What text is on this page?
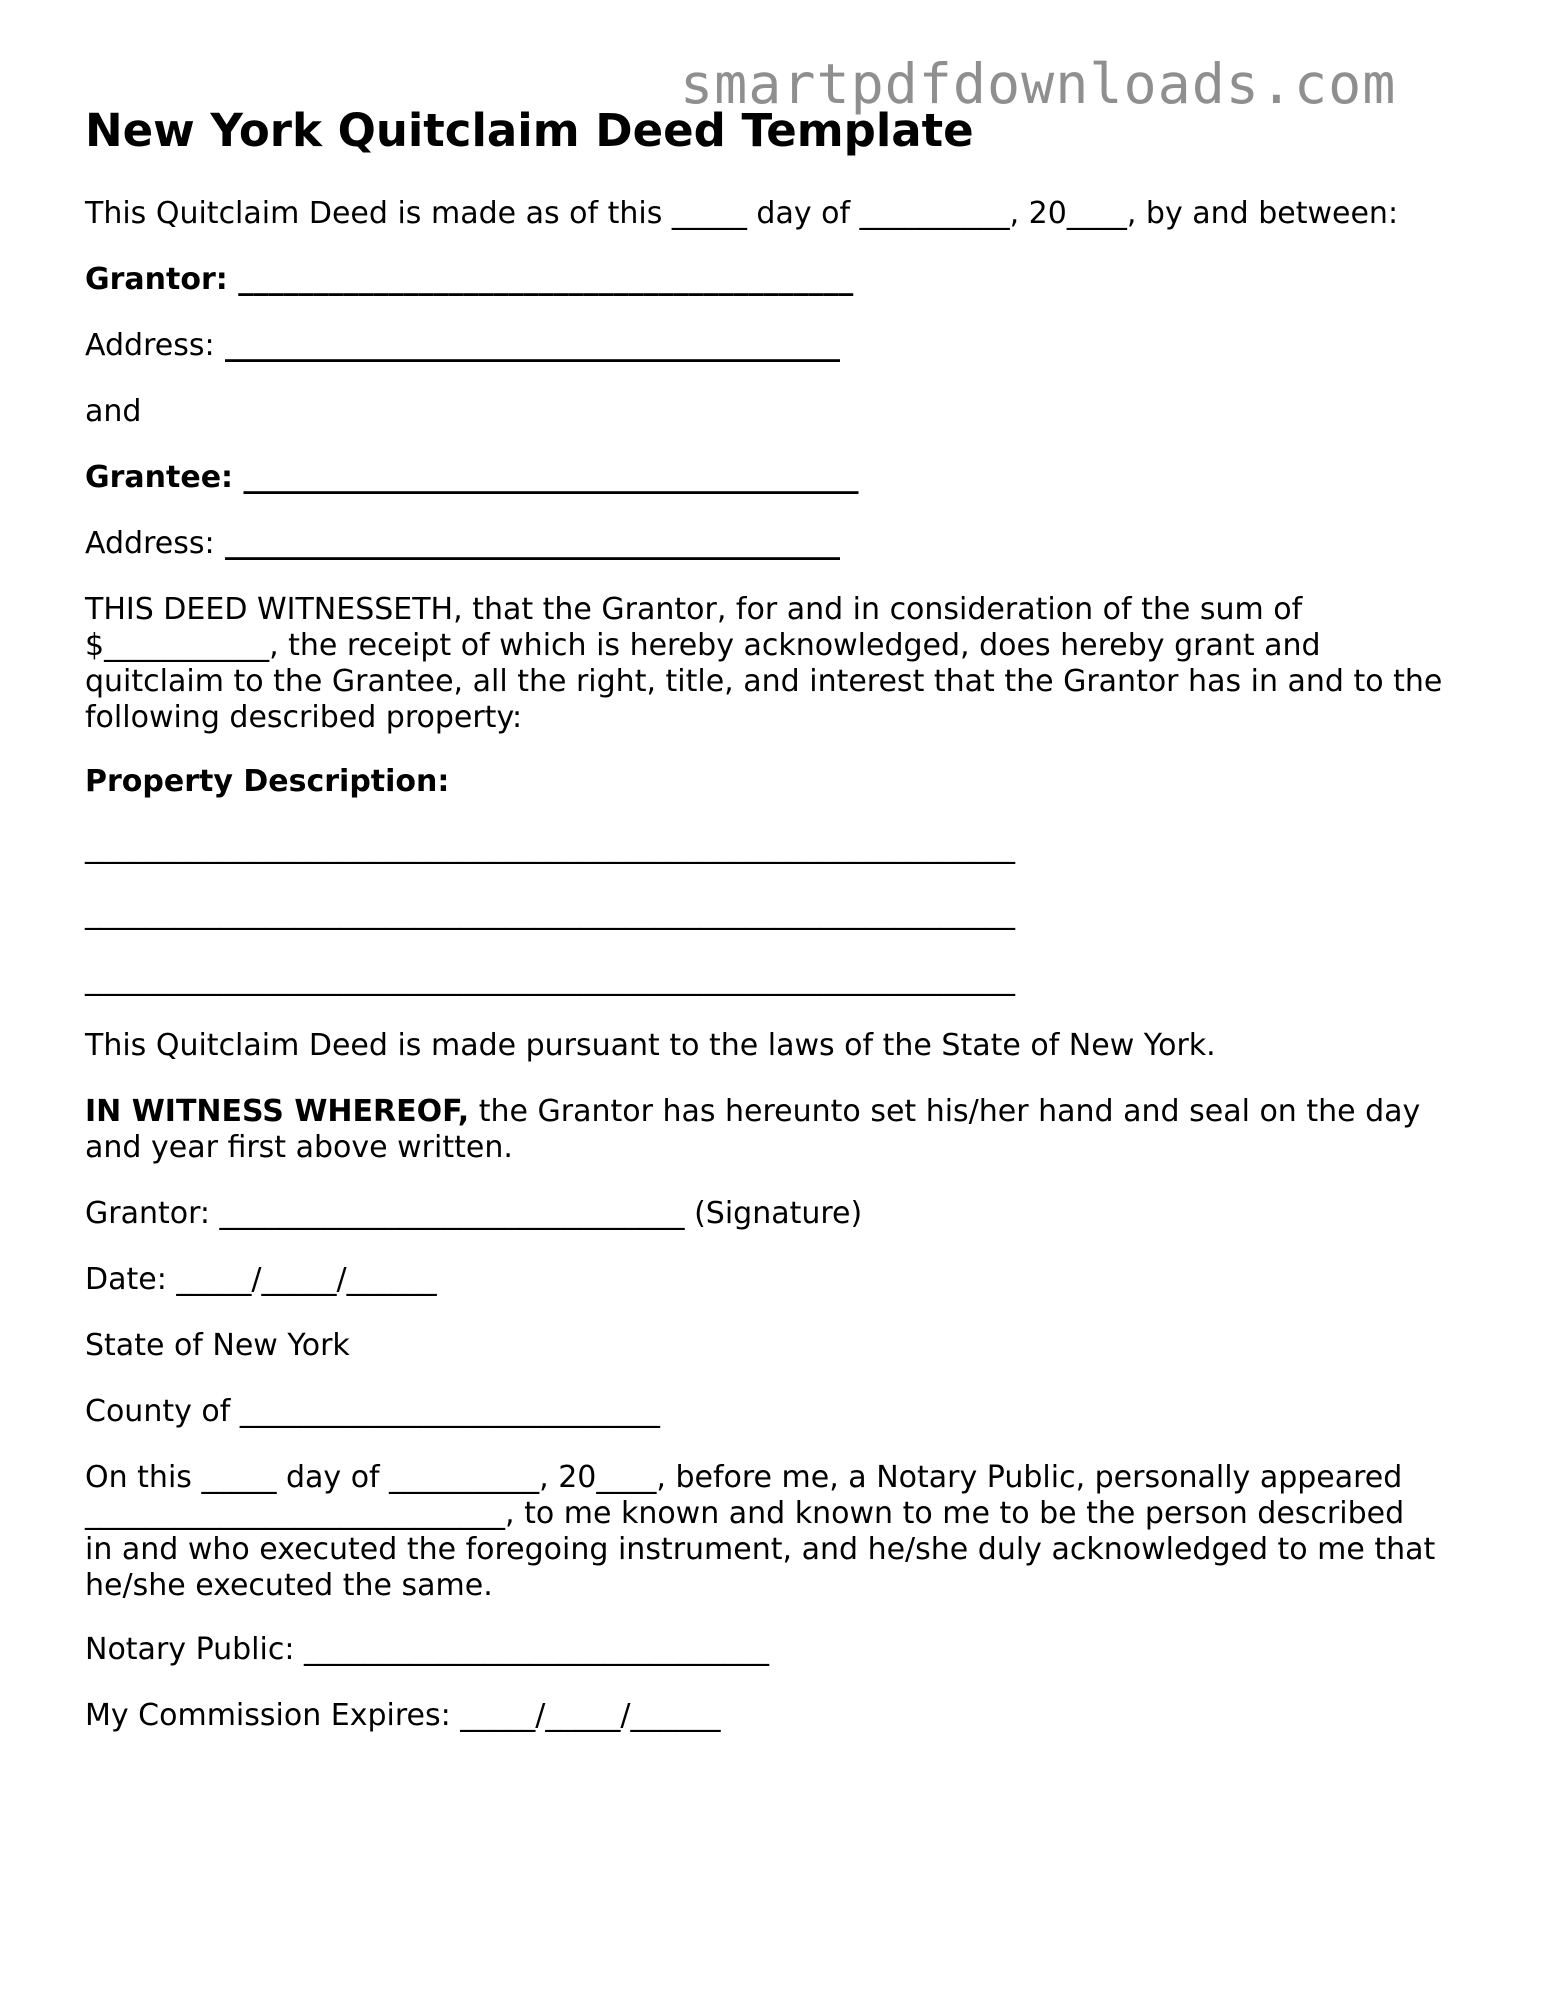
smartpdfdownloads.com
New York Quitclaim Deed Template
This Quitclaim Deed is made as of this _____ day of __________, 20____, by and between:
Grantor: _________________________________________
Address: _________________________________________
and
Grantee: _________________________________________
Address: _________________________________________
THIS DEED WITNESSETH, that the Grantor, for and in consideration of the sum of
$___________, the receipt of which is hereby acknowledged, does hereby grant and
quitclaim to the Grantee, all the right, title, and interest that the Grantor has in and to the
following described property:
Property Description:
______________________________________________________________
______________________________________________________________
______________________________________________________________
This Quitclaim Deed is made pursuant to the laws of the State of New York.
IN WITNESS WHEREOF, the Grantor has hereunto set his/her hand and seal on the day
and year first above written.
Grantor: _______________________________ (Signature)
Date: _____/_____/______
State of New York
County of ____________________________
On this _____ day of __________, 20____, before me, a Notary Public, personally appeared
____________________________, to me known and known to me to be the person described
in and who executed the foregoing instrument, and he/she duly acknowledged to me that
he/she executed the same.
Notary Public: _______________________________
My Commission Expires: _____/_____/______
